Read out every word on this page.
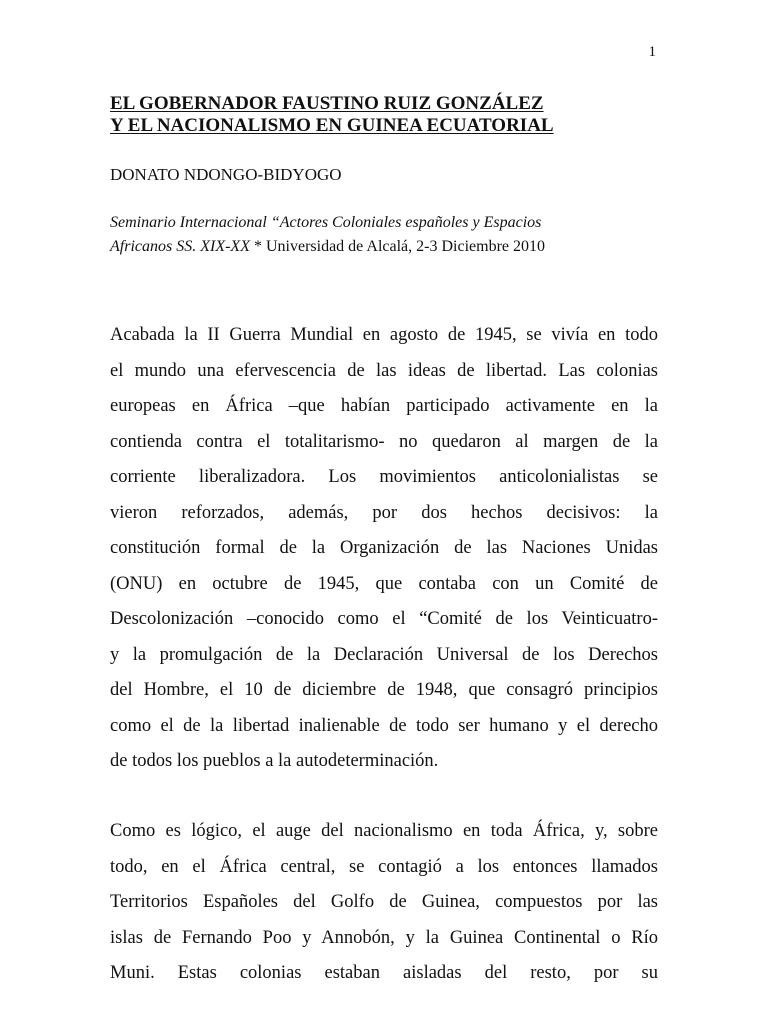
1
EL GOBERNADOR FAUSTINO RUIZ GONZÁLEZ
Y EL NACIONALISMO EN GUINEA ECUATORIAL
DONATO NDONGO-BIDYOGO
Seminario Internacional “Actores Coloniales españoles y Espacios
Africanos SS. XIX-XX * Universidad de Alcalá, 2-3 Diciembre 2010
Acabada la II Guerra Mundial en agosto de 1945, se vivía en todo
el mundo una efervescencia de las ideas de libertad. Las colonias
europeas en África –que habían participado activamente en la
contienda contra el totalitarismo- no quedaron al margen de la
corriente liberalizadora. Los movimientos anticolonialistas se
vieron reforzados, además, por dos hechos decisivos: la
constitución formal de la Organización de las Naciones Unidas
(ONU) en octubre de 1945, que contaba con un Comité de
Descolonización –conocido como el “Comité de los Veinticuatro-
y la promulgación de la Declaración Universal de los Derechos
del Hombre, el 10 de diciembre de 1948, que consagró principios
como el de la libertad inalienable de todo ser humano y el derecho
de todos los pueblos a la autodeterminación.
Como es lógico, el auge del nacionalismo en toda África, y, sobre
todo, en el África central, se contagió a los entonces llamados
Territorios Españoles del Golfo de Guinea, compuestos por las
islas de Fernando Poo y Annobón, y la Guinea Continental o Río
Muni. Estas colonias estaban aisladas del resto, por su
